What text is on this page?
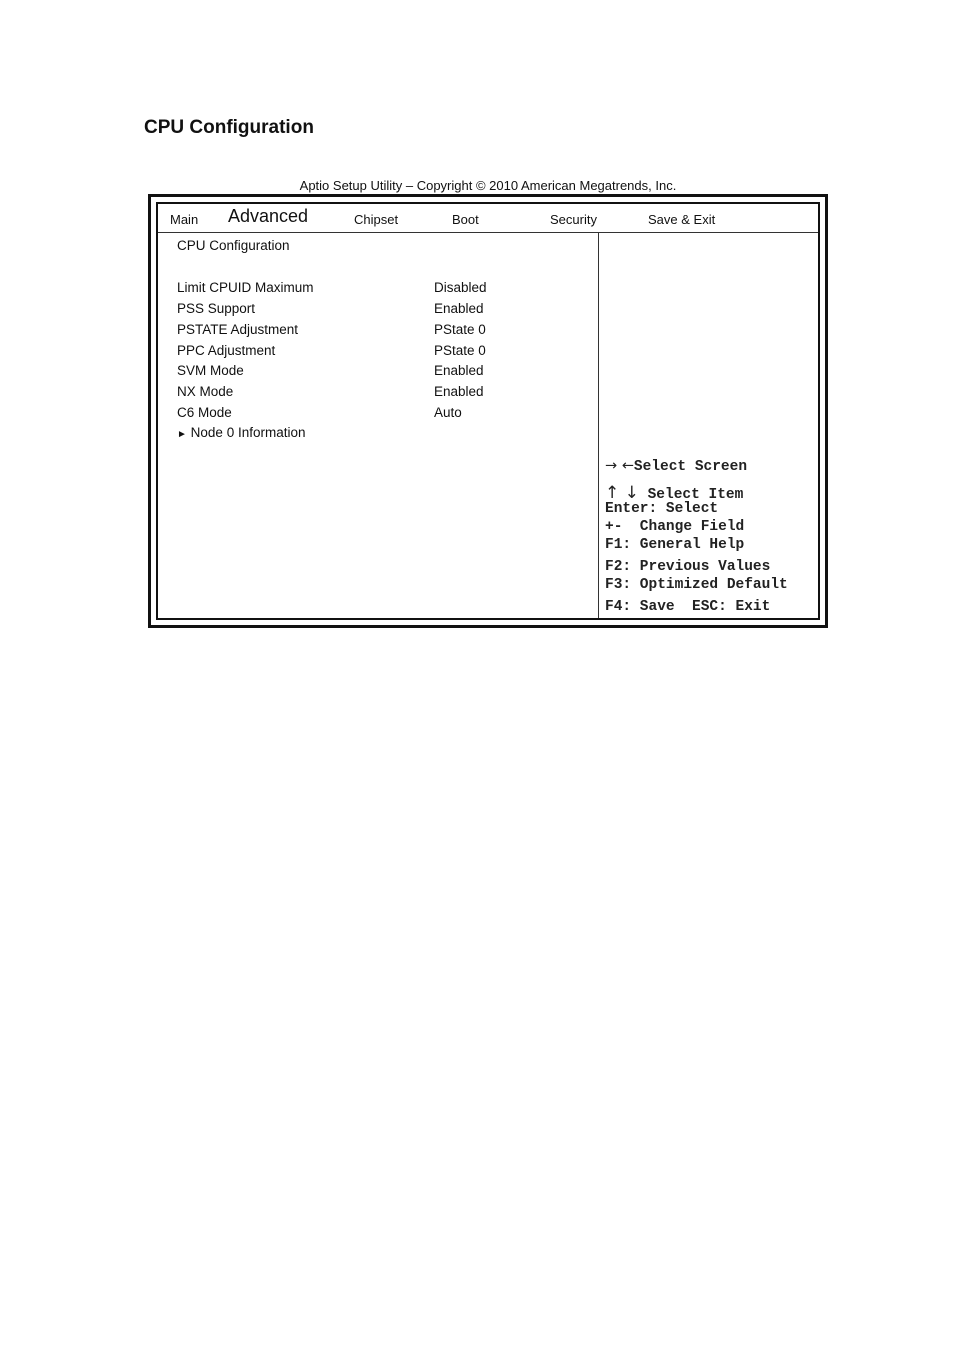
CPU Configuration
Aptio Setup Utility – Copyright © 2010 American Megatrends, Inc.
Main Advanced	Chipset	Boot	Security	Save & Exit
CPU Configuration
Limit CPUID Maximum	Disabled
PSS Support	Enabled
PSTATE Adjustment	PState 0
PPC Adjustment	PState 0
SVM Mode	Enabled
NX Mode	Enabled
C6 Mode	Auto
► Node 0 Information
→ ←Select Screen
↑ ↓ Select Item
Enter: Select
+-  Change Field
F1: General Help
F2: Previous Values
F3: Optimized Default
F4: Save  ESC: Exit
